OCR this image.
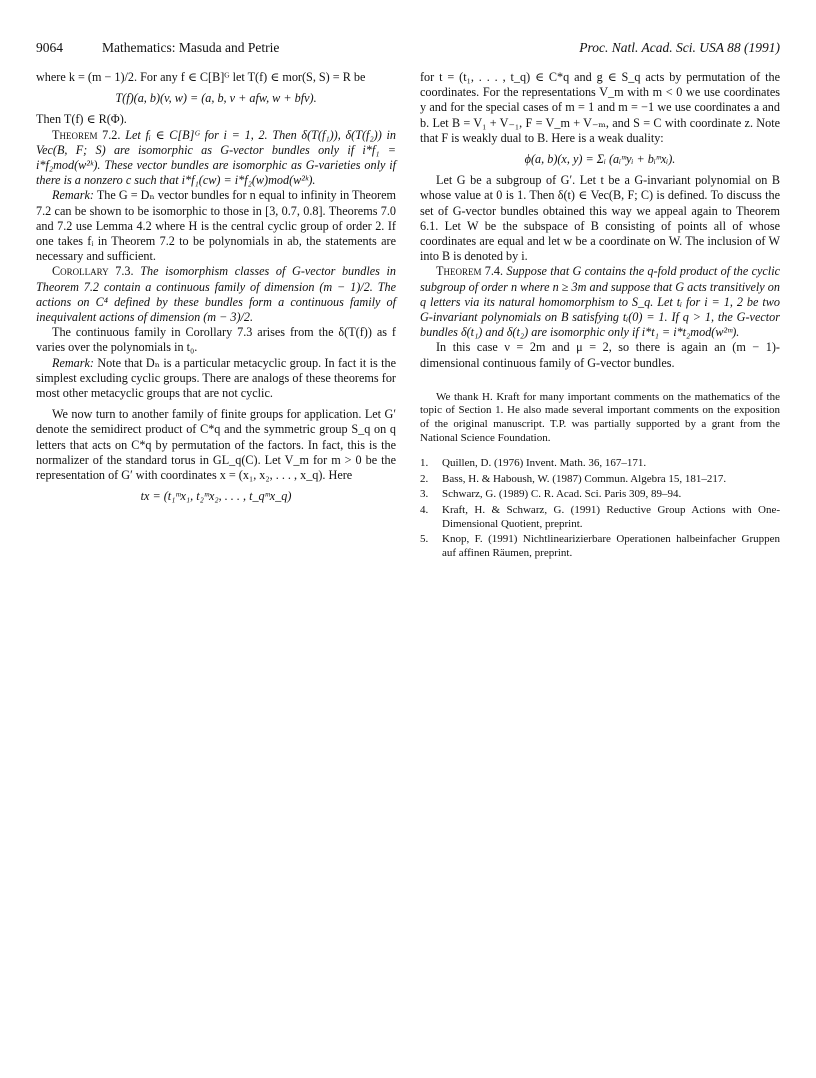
9064	Mathematics: Masuda and Petrie	Proc. Natl. Acad. Sci. USA 88 (1991)

where k = (m − 1)/2. For any f ∈ C[B]ᴳ let T(f) ∈ mor(S, S) = R be

T(f)(a, b)(v, w) = (a, b, v + afw, w + bfv).

Then T(f) ∈ R(Φ).

Theorem 7.2. Let fᵢ ∈ C[B]ᴳ for i = 1, 2. Then δ(T(f₁)), δ(T(f₂)) in Vec(B, F; S) are isomorphic as G-vector bundles only if i*f₁ = i*f₂mod(w²ᵏ). These vector bundles are isomorphic as G-varieties only if there is a nonzero c such that i*f₁(cw) = i*f₂(w)mod(w²ᵏ).

Remark: The G = Dₙ vector bundles for n equal to infinity in Theorem 7.2 can be shown to be isomorphic to those in [3, 0.7, 0.8]. Theorems 7.0 and 7.2 use Lemma 4.2 where H is the central cyclic group of order 2. If one takes fᵢ in Theorem 7.2 to be polynomials in ab, the statements are necessary and sufficient.

Corollary 7.3. The isomorphism classes of G-vector bundles in Theorem 7.2 contain a continuous family of dimension (m − 1)/2. The actions on C⁴ defined by these bundles form a continuous family of inequivalent actions of dimension (m − 3)/2.

The continuous family in Corollary 7.3 arises from the δ(T(f)) as f varies over the polynomials in t₀.

Remark: Note that Dₙ is a particular metacyclic group. In fact it is the simplest excluding cyclic groups. There are analogs of these theorems for most other metacyclic groups that are not cyclic.

We now turn to another family of finite groups for application. Let G′ denote the semidirect product of C*q and the symmetric group S_q on q letters that acts on C*q by permutation of the factors. In fact, this is the normalizer of the standard torus in GL_q(C). Let V_m for m > 0 be the representation of G′ with coordinates x = (x₁, x₂, . . . , x_q). Here

tx = (t₁ᵐx₁, t₂ᵐx₂, . . . , t_qᵐx_q)

for t = (t₁, . . . , t_q) ∈ C*q and g ∈ S_q acts by permutation of the coordinates. For the representations V_m with m < 0 we use coordinates y and for the special cases of m = 1 and m = −1 we use coordinates a and b. Let B = V₁ + V₋₁, F = V_m + V₋ₘ, and S = C with coordinate z. Note that F is weakly dual to B. Here is a weak duality:

ϕ(a, b)(x, y) = Σᵢ (aᵢᵐyᵢ + bᵢᵐxᵢ).

Let G be a subgroup of G′. Let t be a G-invariant polynomial on B whose value at 0 is 1. Then δ(t) ∈ Vec(B, F; C) is defined. To discuss the set of G-vector bundles obtained this way we appeal again to Theorem 6.1. Let W be the subspace of B consisting of points all of whose coordinates are equal and let w be a coordinate on W. The inclusion of W into B is denoted by i.

Theorem 7.4. Suppose that G contains the q-fold product of the cyclic subgroup of order n where n ≥ 3m and suppose that G acts transitively on q letters via its natural homomorphism to S_q. Let tᵢ for i = 1, 2 be two G-invariant polynomials on B satisfying tᵢ(0) = 1. If q > 1, the G-vector bundles δ(t₁) and δ(t₂) are isomorphic only if i*t₁ = i*t₂mod(w²ᵐ).

In this case ν = 2m and μ = 2, so there is again an (m − 1)-dimensional continuous family of G-vector bundles.

We thank H. Kraft for many important comments on the mathematics of the topic of Section 1. He also made several important comments on the exposition of the original manuscript. T.P. was partially supported by a grant from the National Science Foundation.

1.	Quillen, D. (1976) Invent. Math. 36, 167–171.
2.	Bass, H. & Haboush, W. (1987) Commun. Algebra 15, 181–217.
3.	Schwarz, G. (1989) C. R. Acad. Sci. Paris 309, 89–94.
4.	Kraft, H. & Schwarz, G. (1991) Reductive Group Actions with One-Dimensional Quotient, preprint.
5.	Knop, F. (1991) Nichtlinearizierbare Operationen halbeinfacher Gruppen auf affinen Räumen, preprint.
